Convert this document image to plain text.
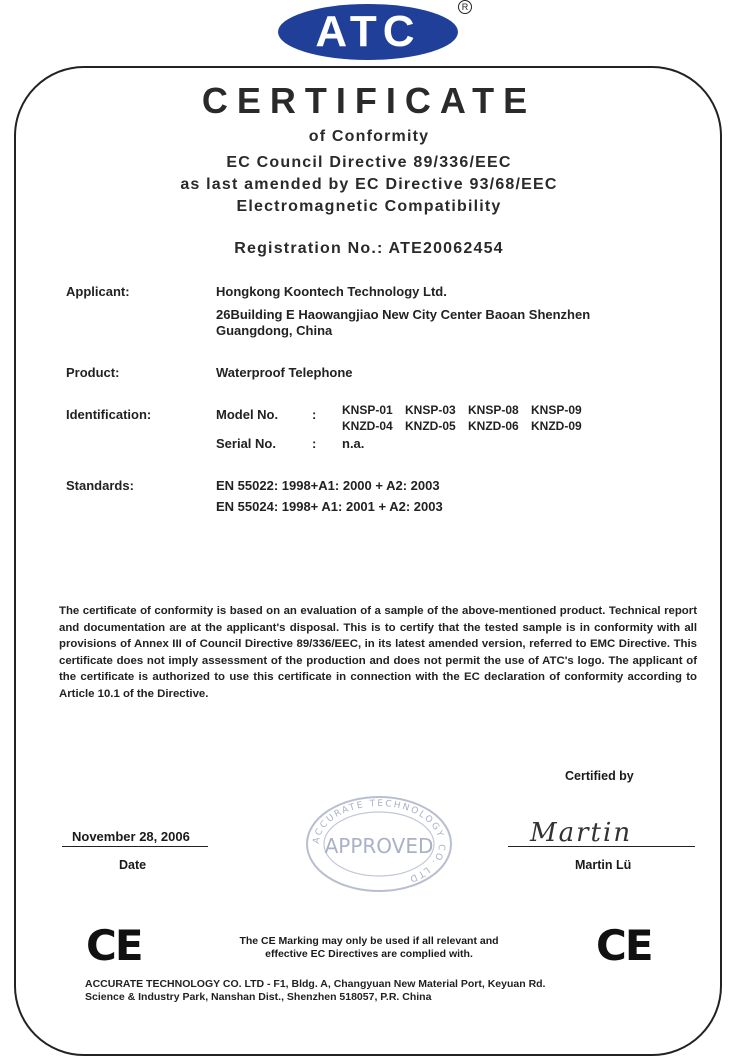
ATC	R
CERTIFICATE
of Conformity
EC Council Directive 89/336/EEC
as last amended by EC Directive 93/68/EEC
Electromagnetic Compatibility
Registration No.: ATE20062454
Applicant:	Hongkong Koontech Technology Ltd.
26Building E Haowangjiao New City Center Baoan Shenzhen
Guangdong, China
Product:	Waterproof Telephone
Identification:	Model No.	: KNSP-01 KNSP-03 KNSP-08 KNSP-09
KNZD-04 KNZD-05 KNZD-06 KNZD-09
Serial No.	: n.a.
Standards:	EN 55022: 1998+A1: 2000 + A2: 2003
EN 55024: 1998+ A1: 2001 + A2: 2003
The certificate of conformity is based on an evaluation of a sample of the above-mentioned product. Technical report and documentation are at the applicant's disposal. This is to certify that the tested sample is in conformity with all provisions of Annex III of Council Directive 89/336/EEC, in its latest amended version, referred to EMC Directive. This certificate does not imply assessment of the production and does not permit the use of ATC's logo. The applicant of the certificate is authorized to use this certificate in connection with the EC declaration of conformity according to Article 10.1 of the Directive.
Certified by
November 28, 2006
Date
Martin
Martin Lü
ACCURATE TECHNOLOGY CO. LTD
APPROVED
CE	CE
The CE Marking may only be used if all relevant and
effective EC Directives are complied with.
ACCURATE TECHNOLOGY CO. LTD - F1, Bldg. A, Changyuan New Material Port, Keyuan Rd.
Science & Industry Park, Nanshan Dist., Shenzhen 518057, P.R. China
